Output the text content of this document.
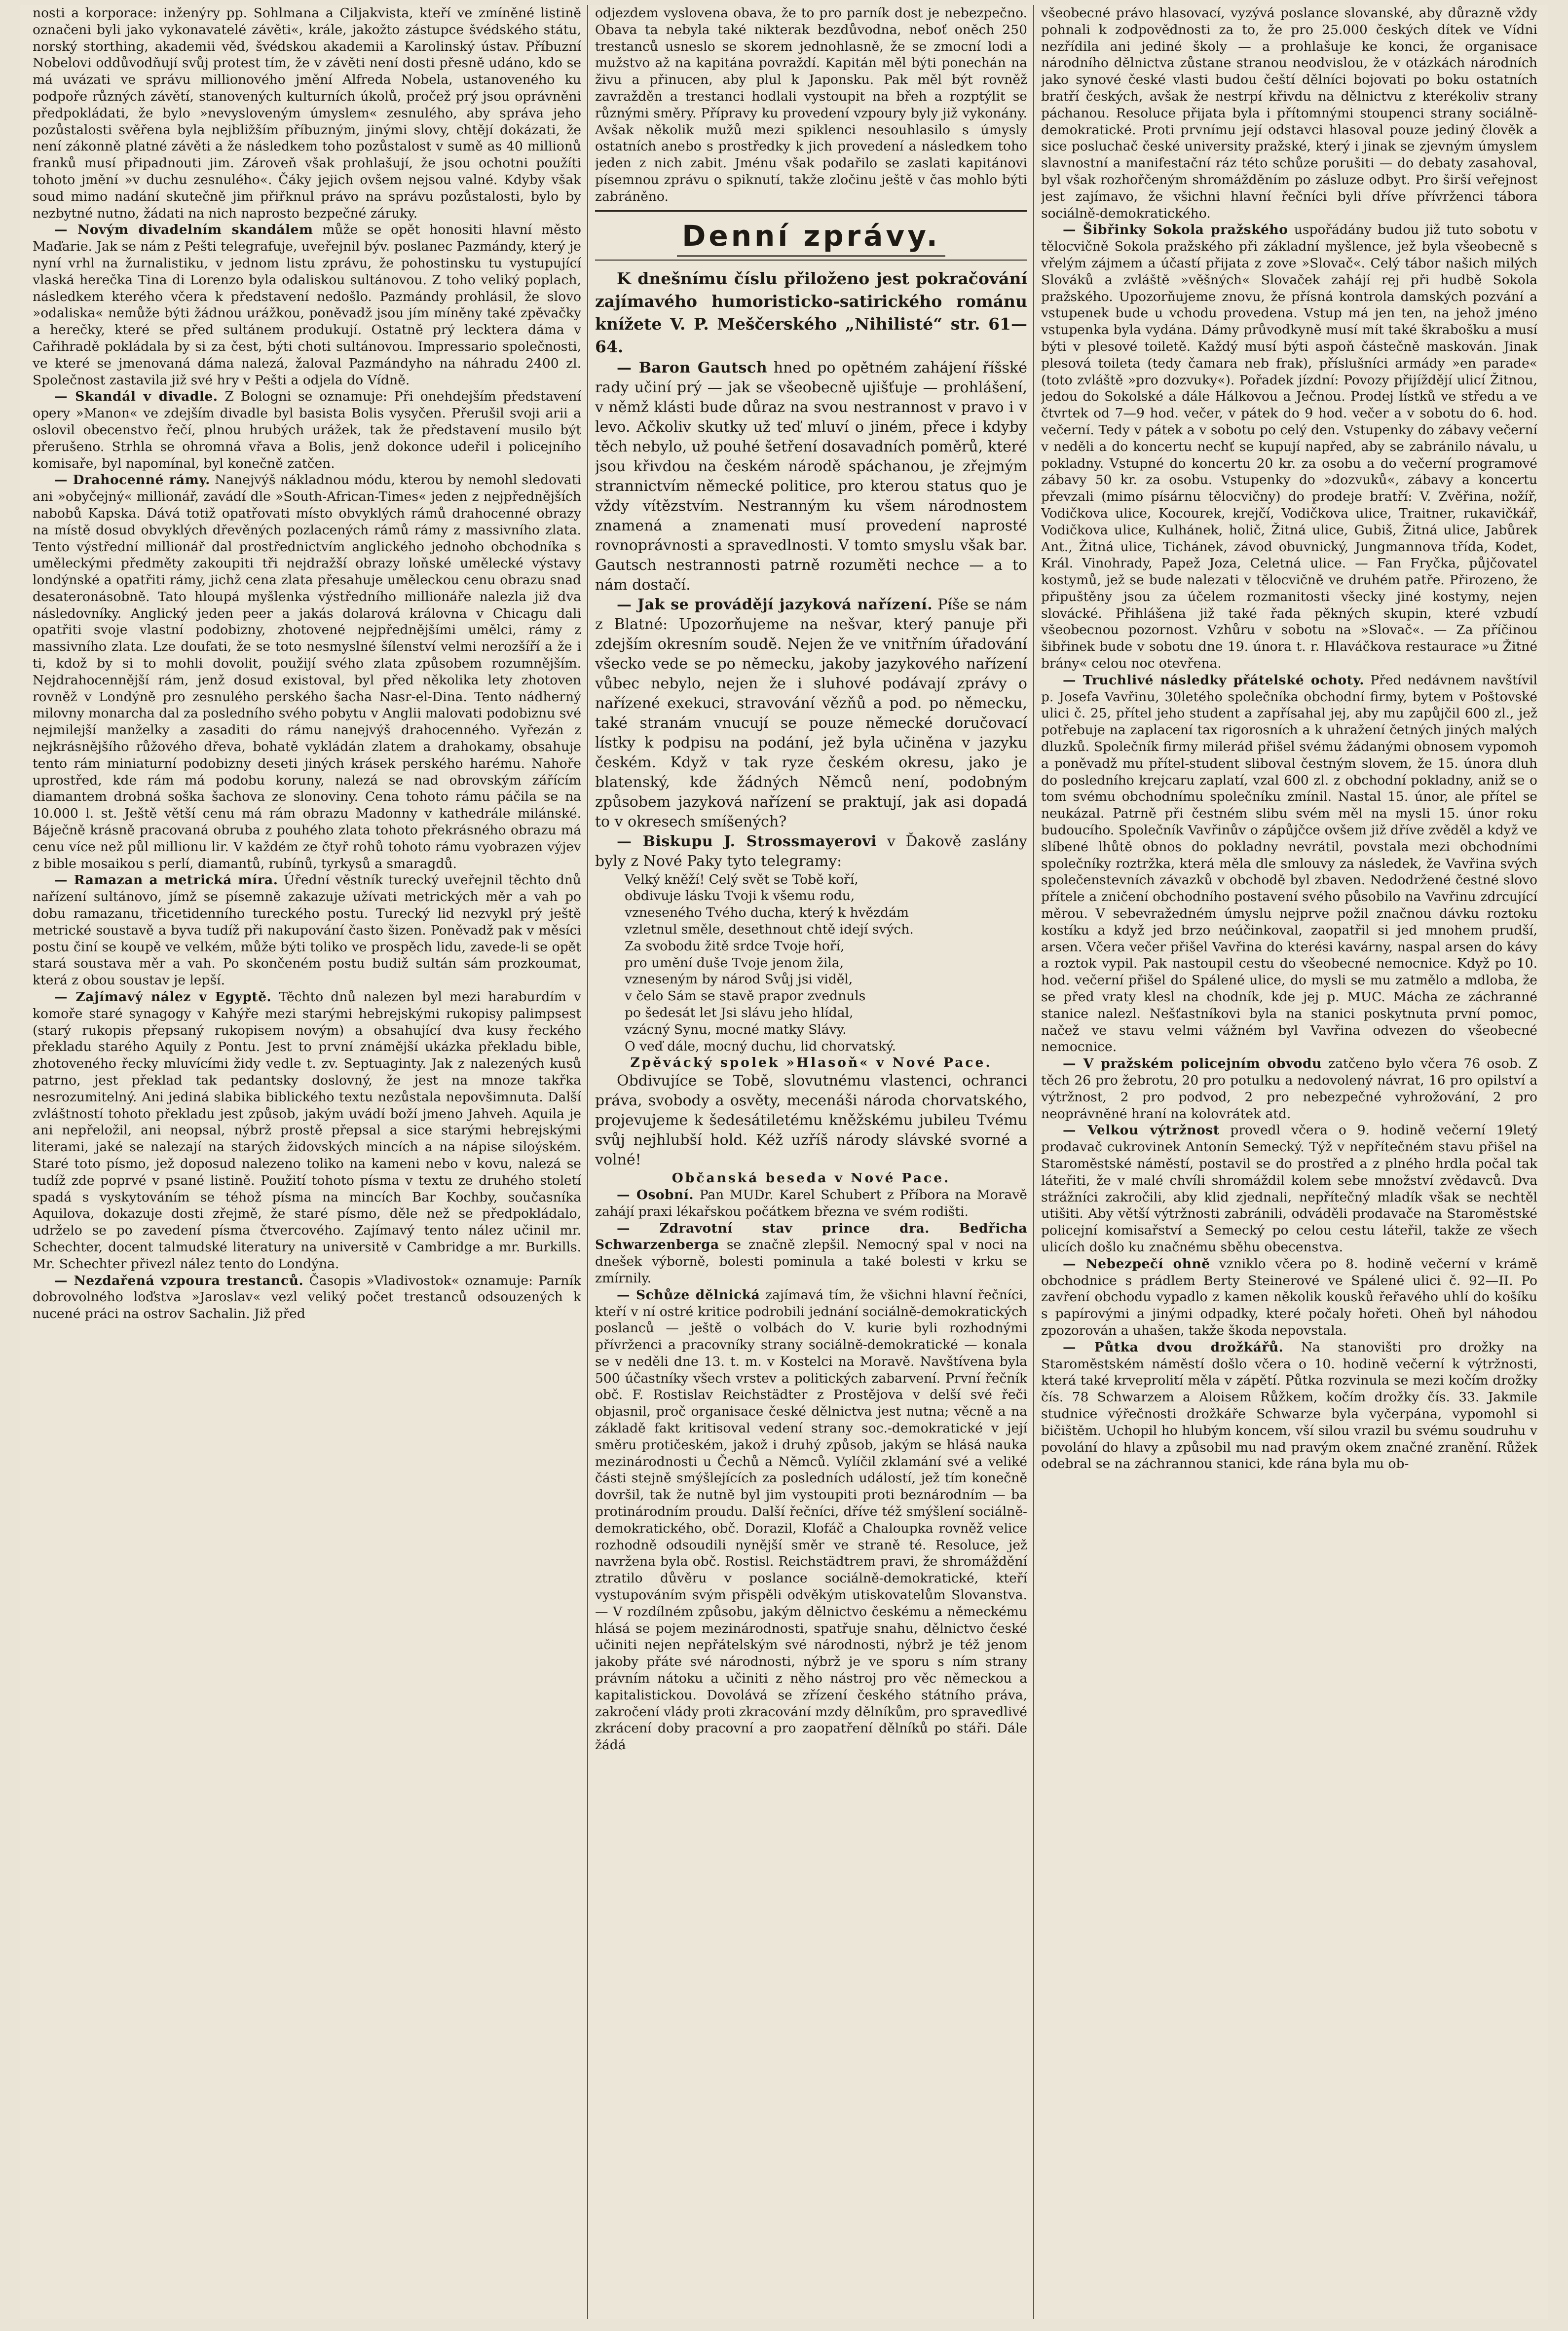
nosti a korporace: inženýry pp. Sohlmana a Ciljakvista, kteří ve zmíněné listině označeni byli jako vykonavatelé závěti«, krále, jakožto zástupce švédského státu, norský storthing, akademii věd, švédskou akademii a Karolinský ústav. Příbuzní Nobelovi oddůvodňují svůj protest tím, že v závěti není dosti přesně udáno, kdo se má uvázati ve správu millionového jmění Alfreda Nobela, ustanoveného ku podpoře různých závětí, stanovených kulturních úkolů, pročež prý jsou oprávněni předpokládati, že bylo »nevysloveným úmyslem« zesnulého, aby správa jeho pozůstalosti svěřena byla nejbližším příbuzným, jinými slovy, chtějí dokázati, že není zákonně platné závěti a že následkem toho pozůstalost v sumě as 40 millionů franků musí připadnouti jim. Zároveň však prohlašují, že jsou ochotni použíti tohoto jmění »v duchu zesnulého«. Čáky jejich ovšem nejsou valné. Kdyby však soud mimo nadání skutečně jim přiřknul právo na správu pozůstalosti, bylo by nezbytné nutno, žádati na nich naprosto bezpečné záruky.

— Novým divadelním skandálem může se opět honositi hlavní město Maďarie. Jak se nám z Pešti telegrafuje, uveřejnil býv. poslanec Pazmándy, který je nyní vrhl na žurnalistiku, v jednom listu zprávu, že pohostinsku tu vystupující vlaská herečka Tina di Lorenzo byla odaliskou sultánovou. Z toho veliký poplach, následkem kterého včera k představení nedošlo. Pazmándy prohlásil, že slovo »odaliska« nemůže býti žádnou urážkou, poněvadž jsou jím míněny také zpěvačky a herečky, které se před sultánem produkují. Ostatně prý lecktera dáma v Cařihradě pokládala by si za čest, býti choti sultánovou. Impressario společnosti, ve které se jmenovaná dáma nalezá, žaloval Pazmándyho na náhradu 2400 zl. Společnost zastavila již své hry v Pešti a odjela do Vídně.

— Skandál v divadle. Z Bologni se oznamuje: Při onehdejším představení opery »Manon« ve zdejším divadle byl basista Bolis vysyčen. Přerušil svoji arii a oslovil obecenstvo řečí, plnou hrubých urážek, tak že představení musilo být přerušeno. Strhla se ohromná vřava a Bolis, jenž dokonce udeřil i policejního komisaře, byl napomínal, byl konečně zatčen.

— Drahocenné rámy. Nanejvýš nákladnou módu, kterou by nemohl sledovati ani »obyčejný« millionář, zavádí dle »South-African-Times« jeden z nejpřednějších nabobů Kapska. Dává totiž opatřovati místo obvyklých rámů drahocenné obrazy na místě dosud obvyklých dřevěných pozlacených rámů rámy z massivního zlata. Tento výstřední millionář dal prostřednictvím anglického jednoho obchodníka s uměleckými předměty zakoupiti tři nejdražší obrazy loňské umělecké výstavy londýnské a opatřiti rámy, jichž cena zlata přesahuje uměleckou cenu obrazu snad desateronásobně. Tato hloupá myšlenka výstředního millionáře nalezla již dva následovníky. Anglický jeden peer a jakás dolarová královna v Chicagu dali opatřiti svoje vlastní podobizny, zhotovené nejpřednějšími umělci, rámy z massivního zlata. Lze doufati, že se toto nesmyslné šílenství velmi nerozšíří a že i ti, kdož by si to mohli dovolit, použijí svého zlata způsobem rozumnějším. Nejdrahocennější rám, jenž dosud existoval, byl před několika lety zhotoven rovněž v Londýně pro zesnulého perského šacha Nasr-el-Dina. Tento nádherný milovny monarcha dal za posledního svého pobytu v Anglii malovati podobiznu své nejmilejší manželky a zasaditi do rámu nanejvýš drahocenného. Vyřezán z nejkrásnějšího růžového dřeva, bohatě vykládán zlatem a drahokamy, obsahuje tento rám miniaturní podobizny deseti jiných krásek perského harému. Nahoře uprostřed, kde rám má podobu koruny, nalezá se nad obrovským zářícím diamantem drobná soška šachova ze slonoviny. Cena tohoto rámu páčila se na 10.000 l. st. Ještě větší cenu má rám obrazu Madonny v kathedrále milánské. Báječně krásně pracovaná obruba z pouhého zlata tohoto překrásného obrazu má cenu více než půl millionu lir. V každém ze čtyř rohů tohoto rámu vyobrazen výjev z bible mosaikou s perlí, diamantů, rubínů, tyrkysů a smaragdů.

— Ramazan a metrická míra. Úřední věstník turecký uveřejnil těchto dnů nařízení sultánovo, jímž se písemně zakazuje užívati metrických měr a vah po dobu ramazanu, třicetidenního tureckého postu. Turecký lid nezvykl prý ještě metrické soustavě a byva tudíž při nakupování často šizen. Poněvadž pak v měsíci postu činí se koupě ve velkém, může býti toliko ve prospěch lidu, zavede-li se opět stará soustava měr a vah. Po skončeném postu budiž sultán sám prozkoumat, která z obou soustav je lepší.

— Zajímavý nález v Egyptě. Těchto dnů nalezen byl mezi haraburdím v komoře staré synagogy v Kahýře mezi starými hebrejskými rukopisy palimpsest (starý rukopis přepsaný rukopisem novým) a obsahující dva kusy řeckého překladu starého Aquily z Pontu. Jest to první známější ukázka překladu bible, zhotoveného řecky mluvícími židy vedle t. zv. Septuaginty. Jak z nalezených kusů patrno, jest překlad tak pedantsky doslovný, že jest na mnoze takřka nesrozumitelný. Ani jediná slabika biblického textu nezůstala nepovšimnuta. Další zvláštností tohoto překladu jest způsob, jakým uvádí boží jmeno Jahveh. Aquila je ani nepřeložil, ani neopsal, nýbrž prostě přepsal a sice starými hebrejskými literami, jaké se nalezají na starých židovských mincích a na nápise siloýském. Staré toto písmo, jež doposud nalezeno toliko na kameni nebo v kovu, nalezá se tudíž zde poprvé v psané listině. Použití tohoto písma v textu ze druhého století spadá s vyskytováním se téhož písma na mincích Bar Kochby, současníka Aquilova, dokazuje dosti zřejmě, že staré písmo, děle než se předpokládalo, udrželo se po zavedení písma čtvercového. Zajímavý tento nález učinil mr. Schechter, docent talmudské literatury na universitě v Cambridge a mr. Burkills. Mr. Schechter přivezl nález tento do Londýna.

— Nezdařená vzpoura trestanců. Časopis »Vladivostok« oznamuje: Parník dobrovolného loďstva »Jaroslav« vezl veliký počet trestanců odsouzených k nucené práci na ostrov Sachalin. Již před

odjezdem vyslovena obava, že to pro parník dost je nebezpečno. Obava ta nebyla také nikterak bezdůvodna, neboť oněch 250 trestanců usneslo se skorem jednohlasně, že se zmocní lodi a mužstvo až na kapitána povraždí. Kapitán měl býti ponechán na živu a přinucen, aby plul k Japonsku. Pak měl být rovněž zavražděn a trestanci hodlali vystoupit na břeh a rozptýlit se různými směry. Přípravy ku provedení vzpoury byly již vykonány. Avšak několik mužů mezi spiklenci nesouhlasilo s úmysly ostatních anebo s prostředky k jich provedení a následkem toho jeden z nich zabit. Jménu však podařilo se zaslati kapitánovi písemnou zprávu o spiknutí, takže zločinu ještě v čas mohlo býti zabráněno.

Denní zprávy.

K dnešnímu číslu přiloženo jest pokračování zajímavého humoristicko-satirického románu knížete V. P. Meščerského „Nihilisté“ str. 61—64.

— Baron Gautsch hned po opětném zahájení říšské rady učiní prý — jak se všeobecně ujišťuje — prohlášení, v němž klásti bude důraz na svou nestrannost v pravo i v levo. Ačkoliv skutky už teď mluví o jiném, přece i kdyby těch nebylo, už pouhé šetření dosavadních poměrů, které jsou křivdou na českém národě spáchanou, je zřejmým strannictvím německé politice, pro kterou status quo je vždy vítězstvím. Nestranným ku všem národnostem znamená a znamenati musí provedení naprosté rovnoprávnosti a spravedlnosti. V tomto smyslu však bar. Gautsch nestrannosti patrně rozuměti nechce — a to nám dostačí.

— Jak se provádějí jazyková nařízení. Píše se nám z Blatné: Upozorňujeme na nešvar, který panuje při zdejším okresním soudě. Nejen že ve vnitřním úřadování všecko vede se po německu, jakoby jazykového nařízení vůbec nebylo, nejen že i sluhové podávají zprávy o nařízené exekuci, stravování vězňů a pod. po německu, také stranám vnucují se pouze německé doručovací lístky k podpisu na podání, jež byla učiněna v jazyku českém. Když v tak ryze českém okresu, jako je blatenský, kde žádných Němců není, podobným způsobem jazyková nařízení se praktují, jak asi dopadá to v okresech smíšených?

— Biskupu J. Strossmayerovi v Ďakově zaslány byly z Nové Paky tyto telegramy:

Velký kněží! Celý svět se Tobě koří,
obdivuje lásku Tvoji k všemu rodu,
vzneseného Tvého ducha, který k hvězdám
vzletnul směle, desethnout chtě idejí svých.
Za svobodu žitě srdce Tvoje hoří,
pro umění duše Tvoje jenom žila,
vzneseným by národ Svůj jsi viděl,
v čelo Sám se stavě prapor zvednuls
po šedesát let Jsi slávu jeho hlídal,
vzácný Synu, mocné matky Slávy.
O veď dále, mocný duchu, lid chorvatský.

Zpěvácký spolek »Hlasoň« v Nové Pace.

Obdivujíce se Tobě, slovutnému vlastenci, ochranci práva, svobody a osvěty, mecenáši národa chorvatského, projevujeme k šedesátiletému kněžskému jubileu Tvému svůj nejhlubší hold. Kéž uzříš národy slávské svorné a volné!

Občanská beseda v Nové Pace.

— Osobní. Pan MUDr. Karel Schubert z Příbora na Moravě zahájí praxi lékařskou počátkem března ve svém rodišti.

— Zdravotní stav prince dra. Bedřicha Schwarzenberga se značně zlepšil. Nemocný spal v noci na dnešek výborně, bolesti pominula a také bolesti v krku se zmírnily.

— Schůze dělnická zajímavá tím, že všichni hlavní řečníci, kteří v ní ostré kritice podrobili jednání sociálně-demokratických poslanců — ještě o volbách do V. kurie byli rozhodnými přívrženci a pracovníky strany sociálně-demokratické — konala se v neděli dne 13. t. m. v Kostelci na Moravě. Navštívena byla 500 účastníky všech vrstev a politických zabarvení. První řečník obč. F. Rostislav Reichstädter z Prostějova v delší své řeči objasnil, proč organisace české dělnictva jest nutna; věcně a na základě fakt kritisoval vedení strany soc.-demokratické v její směru protičeském, jakož i druhý způsob, jakým se hlásá nauka mezinárodnosti u Čechů a Němců. Vylíčil zklamání své a veliké části stejně smýšlejících za posledních událostí, jež tím konečně dovršil, tak že nutně byl jim vystoupiti proti beznárodním — ba protinárodním proudu. Další řečníci, dříve též smýšlení sociálně-demokratického, obč. Dorazil, Klofáč a Chaloupka rovněž velice rozhodně odsoudili nynější směr ve straně té. Resoluce, jež navržena byla obč. Rostisl. Reichstädtrem pravi, že shromáždění ztratilo důvěru v poslance sociálně-demokratické, kteří vystupováním svým přispěli odvěkým utiskovatelům Slovanstva. — V rozdílném způsobu, jakým dělnictvo českému a německému hlásá se pojem mezinárodnosti, spatřuje snahu, dělnictvo české učiniti nejen nepřátelským své národnosti, nýbrž je též jenom jakoby přáte své národnosti, nýbrž je ve sporu s ním strany právním nátoku a učiniti z něho nástroj pro věc německou a kapitalistickou. Dovolává se zřízení českého státního práva, zakročení vlády proti zkracování mzdy dělníkům, pro spravedlivé zkrácení doby pracovní a pro zaopatření dělníků po stáři. Dále žádá

všeobecné právo hlasovací, vyzývá poslance slovanské, aby důrazně vždy pohnali k zodpovědnosti za to, že pro 25.000 českých dítek ve Vídni nezřídila ani jediné školy — a prohlašuje ke konci, že organisace národního dělnictva zůstane stranou neodvislou, že v otázkách národních jako synové české vlasti budou čeští dělníci bojovati po boku ostatních bratří českých, avšak že nestrpí křivdu na dělnictvu z kterékoliv strany páchanou. Resoluce přijata byla i přítomnými stoupenci strany sociálně-demokratické. Proti prvnímu její odstavci hlasoval pouze jediný člověk a sice posluchač české university pražské, který i jinak se zjevným úmyslem slavnostní a manifestační ráz této schůze porušiti — do debaty zasahoval, byl však rozhořčeným shromážděním po zásluze odbyt. Pro širší veřejnost jest zajímavo, že všichni hlavní řečníci byli dříve přívrženci tábora sociálně-demokratického.

— Šibřinky Sokola pražského uspořádány budou již tuto sobotu v tělocvičně Sokola pražského při základní myšlence, jež byla všeobecně s vřelým zájmem a účastí přijata z zove »Slovač«. Celý tábor našich milých Slováků a zvláště »věšných« Slovaček zahájí rej při hudbě Sokola pražského. Upozorňujeme znovu, že přísná kontrola damských pozvání a vstupenek bude u vchodu provedena. Vstup má jen ten, na jehož jméno vstupenka byla vydána. Dámy průvodkyně musí mít také škrabošku a musí býti v plesové toiletě. Každý musí býti aspoň částečně maskován. Jinak plesová toileta (tedy čamara neb frak), příslušníci armády »en parade« (toto zvláště »pro dozvuky«). Pořadek jízdní: Povozy přijíždějí ulicí Žitnou, jedou do Sokolské a dále Hálkovou a Ječnou. Prodej lístků ve středu a ve čtvrtek od 7—9 hod. večer, v pátek do 9 hod. večer a v sobotu do 6. hod. večerní. Tedy v pátek a v sobotu po celý den. Vstupenky do zábavy večerní v neděli a do koncertu nechť se kupují napřed, aby se zabránilo návalu, u pokladny. Vstupné do koncertu 20 kr. za osobu a do večerní programové zábavy 50 kr. za osobu. Vstupenky do »dozvuků«, zábavy a koncertu převzali (mimo písárnu tělocvičny) do prodeje bratří: V. Zvěřina, nožíř, Vodičkova ulice, Kocourek, krejčí, Vodičkova ulice, Traitner, rukavičkář, Vodičkova ulice, Kulhánek, holič, Žitná ulice, Gubiš, Žitná ulice, Jabůrek Ant., Žitná ulice, Tichánek, závod obuvnický, Jungmannova třída, Kodet, Král. Vinohrady, Papež Joza, Celetná ulice. — Fan Fryčka, půjčovatel kostymů, jež se bude nalezati v tělocvičně ve druhém patře. Přirozeno, že připuštěny jsou za účelem rozmanitosti všecky jiné kostymy, nejen slovácké. Přihlášena již také řada pěkných skupin, které vzbudí všeobecnou pozornost. Vzhůru v sobotu na »Slovač«. — Za příčinou šibřinek bude v sobotu dne 19. února t. r. Hlaváčkova restaurace »u Žitné brány« celou noc otevřena.

— Truchlivé následky přátelské ochoty. Před nedávnem navštívil p. Josefa Vavřinu, 30letého společníka obchodní firmy, bytem v Poštovské ulici č. 25, přítel jeho student a zapřísahal jej, aby mu zapůjčil 600 zl., jež potřebuje na zaplacení tax rigorosních a k uhražení četných jiných malých dluzků. Společník firmy milerád přišel svému žádanými obnosem vypomoh a poněvadž mu přítel-student sliboval čestným slovem, že 15. února dluh do posledního krejcaru zaplatí, vzal 600 zl. z obchodní pokladny, aniž se o tom svému obchodnímu společníku zmínil. Nastal 15. únor, ale přítel se neukázal. Patrně při čestném slibu svém měl na mysli 15. únor roku budoucího. Společník Vavřinův o zápůjčce ovšem již dříve zvěděl a když ve slíbené lhůtě obnos do pokladny nevrátil, povstala mezi obchodními společníky roztržka, která měla dle smlouvy za následek, že Vavřina svých společenstevních závazků v obchodě byl zbaven. Nedodržené čestné slovo přítele a zničení obchodního postavení svého působilo na Vavřinu zdrcující měrou. V sebevražedném úmyslu nejprve požil značnou dávku roztoku kostíku a když jed brzo neúčinkoval, zaopatřil si jed mnohem prudší, arsen. Včera večer přišel Vavřina do kterési kavárny, naspal arsen do kávy a roztok vypil. Pak nastoupil cestu do všeobecné nemocnice. Když po 10. hod. večerní přišel do Spálené ulice, do mysli se mu zatmělo a mdloba, že se před vraty klesl na chodník, kde jej p. MUC. Mácha ze záchranné stanice nalezl. Nešťastníkovi byla na stanici poskytnuta první pomoc, načež ve stavu velmi vážném byl Vavřina odvezen do všeobecné nemocnice.

— V pražském policejním obvodu zatčeno bylo včera 76 osob. Z těch 26 pro žebrotu, 20 pro potulku a nedovolený návrat, 16 pro opilství a výtržnost, 2 pro podvod, 2 pro nebezpečné vyhrožování, 2 pro neoprávněné hraní na kolovrátek atd.

— Velkou výtržnost provedl včera o 9. hodině večerní 19letý prodavač cukrovinek Antonín Semecký. Týž v nepřítečném stavu přišel na Staroměstské náměstí, postavil se do prostřed a z plného hrdla počal tak láteřiti, že v malé chvíli shromáždil kolem sebe množství zvědavců. Dva strážníci zakročili, aby klid zjednali, nepřítečný mladík však se nechtěl utišiti. Aby větší výtržnosti zabránili, odváděli prodavače na Staroměstské policejní komisařství a Semecký po celou cestu láteřil, takže ze všech ulicích došlo ku značnému sběhu obecenstva.

— Nebezpečí ohně vzniklo včera po 8. hodině večerní v krámě obchodnice s prádlem Berty Steinerové ve Spálené ulici č. 92—II. Po zavření obchodu vypadlo z kamen několik kousků řeřavého uhlí do košíku s papírovými a jinými odpadky, které počaly hořeti. Oheň byl náhodou zpozorován a uhašen, takže škoda nepovstala.

— Půtka dvou drožkářů. Na stanovišti pro drožky na Staroměstském náměstí došlo včera o 10. hodině večerní k výtržnosti, která také krveprolití měla v zápětí. Půtka rozvinula se mezi kočím drožky čís. 78 Schwarzem a Aloisem Růžkem, kočím drožky čís. 33. Jakmile studnice výřečnosti drožkáře Schwarze byla vyčerpána, vypomohl si bičištěm. Uchopil ho hlubým koncem, vší silou vrazil bu svému soudruhu v povolání do hlavy a způsobil mu nad pravým okem značné zranění. Růžek odebral se na záchrannou stanici, kde rána byla mu ob-
